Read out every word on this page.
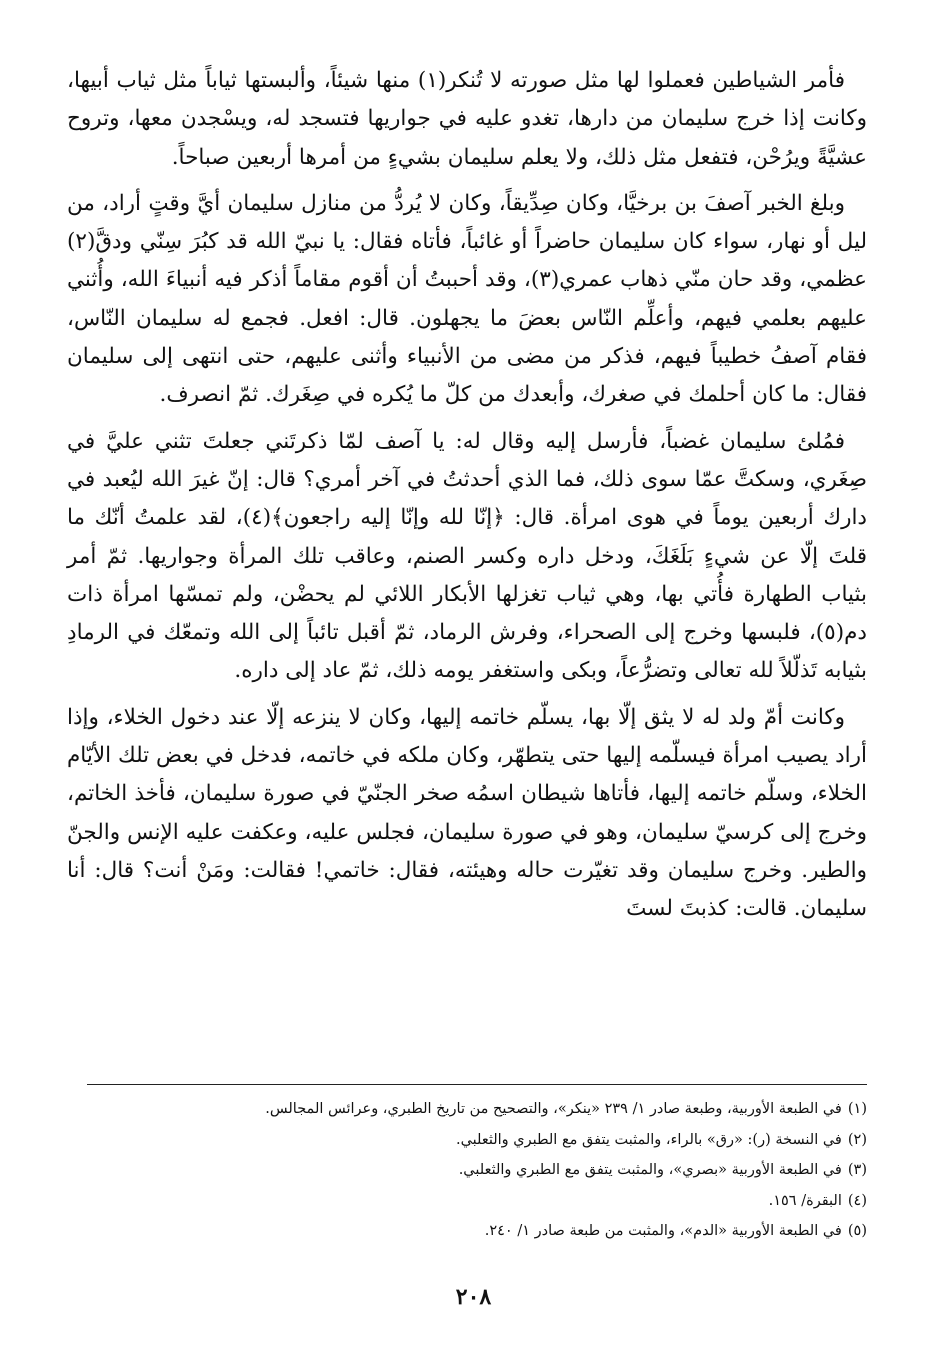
فأمر الشياطين فعملوا لها مثل صورته لا تُنكر(١) منها شيئاً، وألبستها ثياباً مثل ثياب أبيها، وكانت إذا خرج سليمان من دارها، تغدو عليه في جواريها فتسجد له، ويسْجدن معها، وتروح عشيَّةً ويرُحْن، فتفعل مثل ذلك، ولا يعلم سليمان بشيءٍ من أمرها أربعين صباحاً.

وبلغ الخبر آصفَ بن برخيَّا، وكان صِدِّيقاً، وكان لا يُردُّ من منازل سليمان أيَّ وقتٍ أراد، من ليل أو نهار، سواء كان سليمان حاضراً أو غائباً، فأتاه فقال: يا نبيّ الله قد كبُرَ سِنّي ودقَّ(٢) عظمي، وقد حان منّي ذهاب عمري(٣)، وقد أحببتُ أن أقوم مقاماً أذكر فيه أنبياءَ الله، وأُثني عليهم بعلمي فيهم، وأعلِّم النّاس بعضَ ما يجهلون. قال: افعل. فجمع له سليمان النّاس، فقام آصفُ خطيباً فيهم، فذكر من مضى من الأنبياء وأثنى عليهم، حتى انتهى إلى سليمان فقال: ما كان أحلمك في صغرك، وأبعدك من كلّ ما يُكره في صِغَرك. ثمّ انصرف.

فمُلئ سليمان غضباً، فأرسل إليه وقال له: يا آصف لمّا ذكرتَني جعلتَ تثني عليَّ في صِغَري، وسكتَّ عمّا سوى ذلك، فما الذي أحدثتُ في آخر أمري؟ قال: إنّ غيرَ الله ليُعبد في دارك أربعين يوماً في هوى امرأة. قال: ﴿إنّا لله وإنّا إليه راجعون﴾(٤)، لقد علمتُ أنّك ما قلتَ إلّا عن شيءٍ بَلَغَكَ، ودخل داره وكسر الصنم، وعاقب تلك المرأة وجواريها. ثمّ أمر بثياب الطهارة فأُتي بها، وهي ثياب تغزلها الأبكار اللائي لم يحضْن، ولم تمسّها امرأة ذات دم(٥)، فلبسها وخرج إلى الصحراء، وفرش الرماد، ثمّ أقبل تائباً إلى الله وتمعّك في الرمادِ بثيابه تَذلّلاً لله تعالى وتضرُّعاً، وبكى واستغفر يومه ذلك، ثمّ عاد إلى داره.

وكانت أمّ ولد له لا يثق إلّا بها، يسلّم خاتمه إليها، وكان لا ينزعه إلّا عند دخول الخلاء، وإذا أراد يصيب امرأة فيسلّمه إليها حتى يتطهّر، وكان ملكه في خاتمه، فدخل في بعض تلك الأيّام الخلاء، وسلّم خاتمه إليها، فأتاها شيطان اسمُه صخر الجنّيّ في صورة سليمان، فأخذ الخاتم، وخرج إلى كرسيّ سليمان، وهو في صورة سليمان، فجلس عليه، وعكفت عليه الإنس والجنّ والطير. وخرج سليمان وقد تغيّرت حاله وهيئته، فقال: خاتمي! فقالت: ومَنْ أنت؟ قال: أنا سليمان. قالت: كذبتَ لستَ

(١)في الطبعة الأوربية، وطبعة صادر ١/ ٢٣٩ «ينكر»، والتصحيح من تاريخ الطبري، وعرائس المجالس.

(٢)في النسخة (ر): «رق» بالراء، والمثبت يتفق مع الطبري والثعلبي.

(٣)في الطبعة الأوربية «بصري»، والمثبت يتفق مع الطبري والثعلبي.

(٤)البقرة/ ١٥٦.

(٥)في الطبعة الأوربية «الدم»، والمثبت من طبعة صادر ١/ ٢٤٠.

٢٠٨
